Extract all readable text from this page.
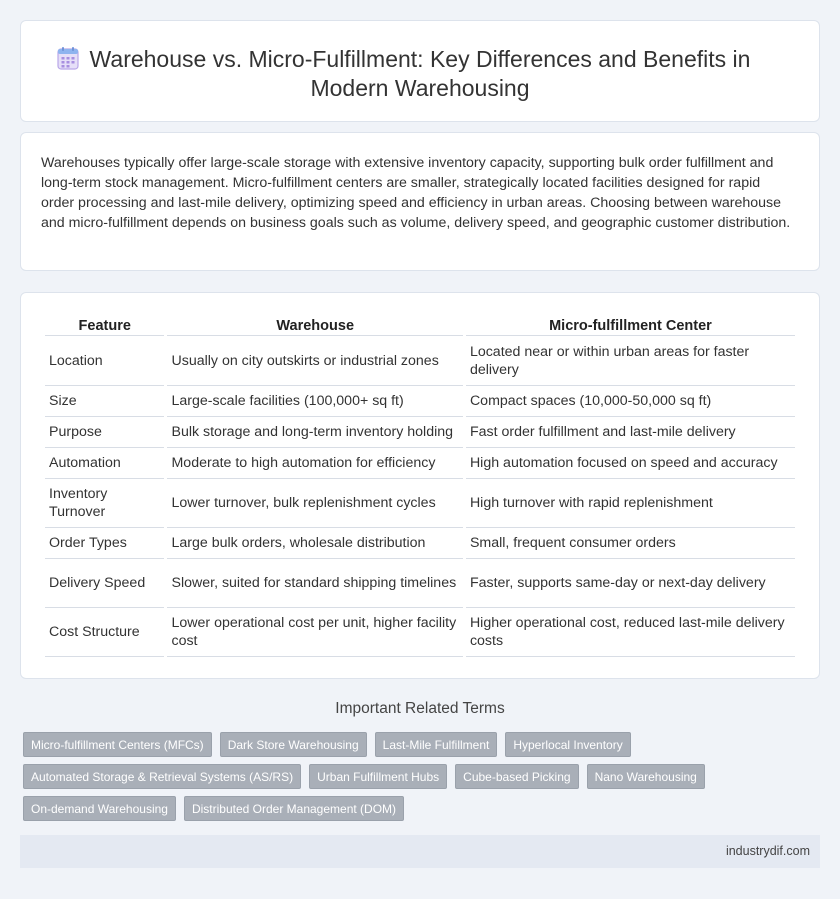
Warehouse vs. Micro-Fulfillment: Key Differences and Benefits in Modern Warehousing

Warehouses typically offer large-scale storage with extensive inventory capacity, supporting bulk order fulfillment and long-term stock management. Micro-fulfillment centers are smaller, strategically located facilities designed for rapid order processing and last-mile delivery, optimizing speed and efficiency in urban areas. Choosing between warehouse and micro-fulfillment depends on business goals such as volume, delivery speed, and geographic customer distribution.

Feature	Warehouse	Micro-fulfillment Center
Location	Usually on city outskirts or industrial zones	Located near or within urban areas for faster delivery
Size	Large-scale facilities (100,000+ sq ft)	Compact spaces (10,000-50,000 sq ft)
Purpose	Bulk storage and long-term inventory holding	Fast order fulfillment and last-mile delivery
Automation	Moderate to high automation for efficiency	High automation focused on speed and accuracy
Inventory Turnover	Lower turnover, bulk replenishment cycles	High turnover with rapid replenishment
Order Types	Large bulk orders, wholesale distribution	Small, frequent consumer orders
Delivery Speed	Slower, suited for standard shipping timelines	Faster, supports same-day or next-day delivery
Cost Structure	Lower operational cost per unit, higher facility cost	Higher operational cost, reduced last-mile delivery costs
Important Related Terms
Micro-fulfillment Centers (MFCs)	Dark Store Warehousing	Last-Mile Fulfillment	Hyperlocal Inventory
Automated Storage & Retrieval Systems (AS/RS)	Urban Fulfillment Hubs	Cube-based Picking	Nano Warehousing
On-demand Warehousing	Distributed Order Management (DOM)
industrydif.com
